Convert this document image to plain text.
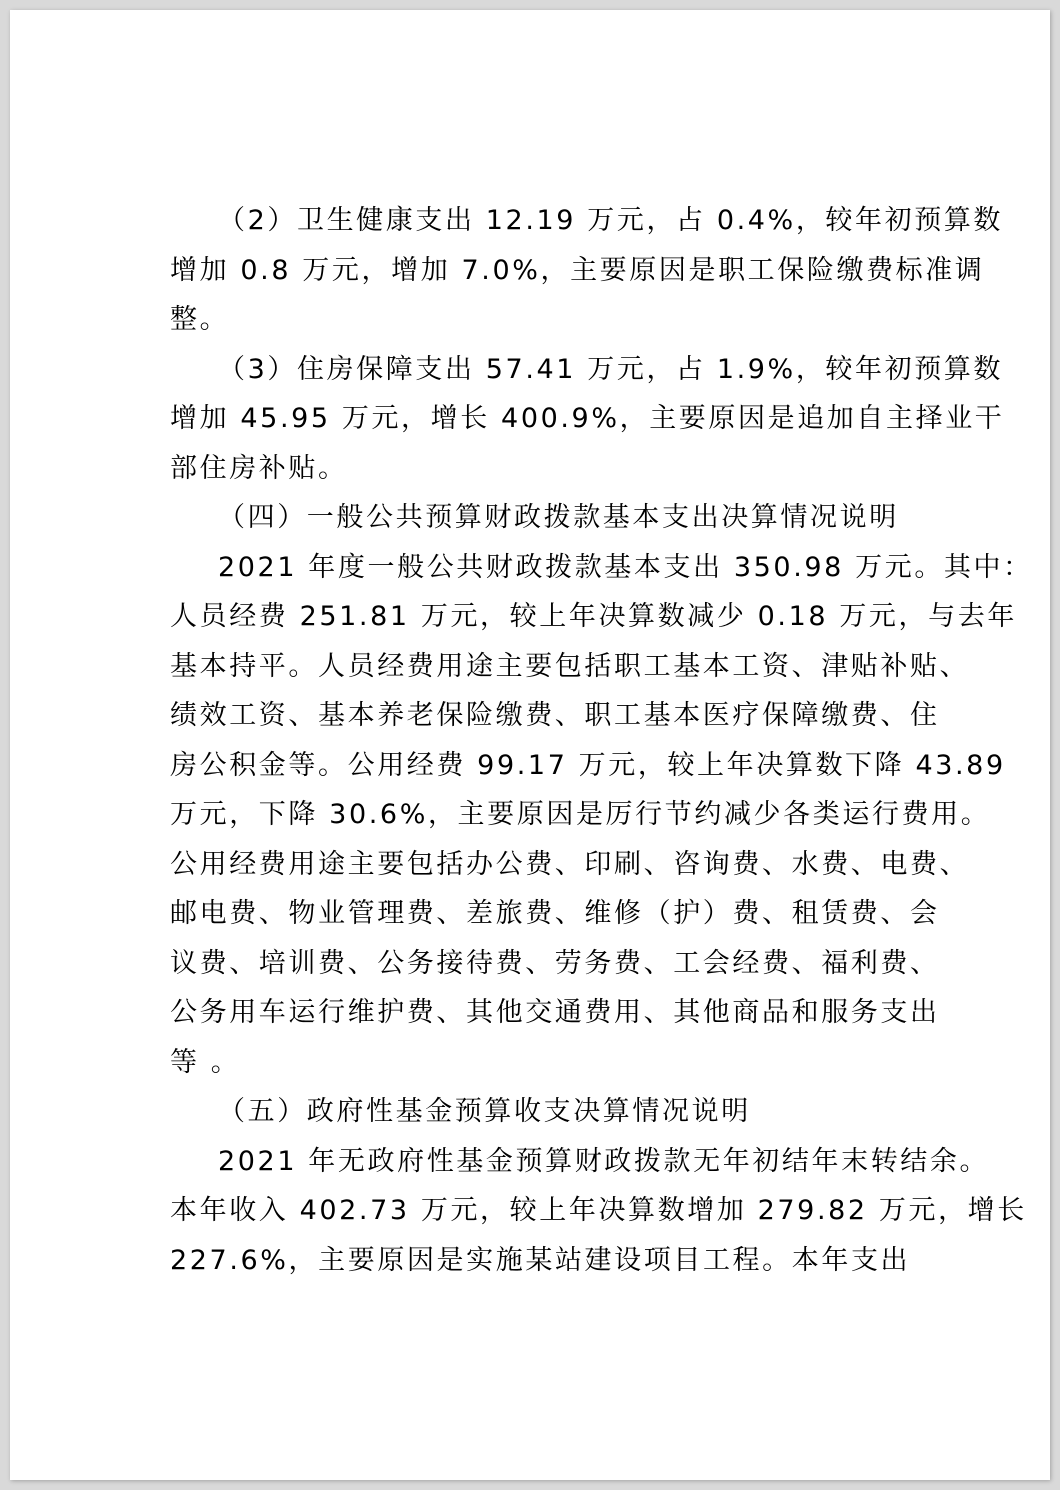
（2）卫生健康支出 12.19 万元，占 0.4%，较年初预算数
增加 0.8 万元，增加 7.0%，主要原因是职工保险缴费标准调
整。
（3）住房保障支出 57.41 万元，占 1.9%，较年初预算数
增加 45.95 万元，增长 400.9%，主要原因是追加自主择业干
部住房补贴。
（四）一般公共预算财政拨款基本支出决算情况说明
2021 年度一般公共财政拨款基本支出 350.98 万元。其中：
人员经费 251.81 万元，较上年决算数减少 0.18 万元，与去年
基本持平。人员经费用途主要包括职工基本工资、津贴补贴、
绩效工资、基本养老保险缴费、职工基本医疗保障缴费、住
房公积金等。公用经费 99.17 万元，较上年决算数下降 43.89
万元，下降 30.6%，主要原因是厉行节约减少各类运行费用。
公用经费用途主要包括办公费、印刷、咨询费、水费、电费、
邮电费、物业管理费、差旅费、维修（护）费、租赁费、会
议费、培训费、公务接待费、劳务费、工会经费、福利费、
公务用车运行维护费、其他交通费用、其他商品和服务支出
等 。
（五）政府性基金预算收支决算情况说明
2021 年无政府性基金预算财政拨款无年初结年末转结余。
本年收入 402.73 万元，较上年决算数增加 279.82 万元，增长
227.6%，主要原因是实施某站建设项目工程。本年支出
